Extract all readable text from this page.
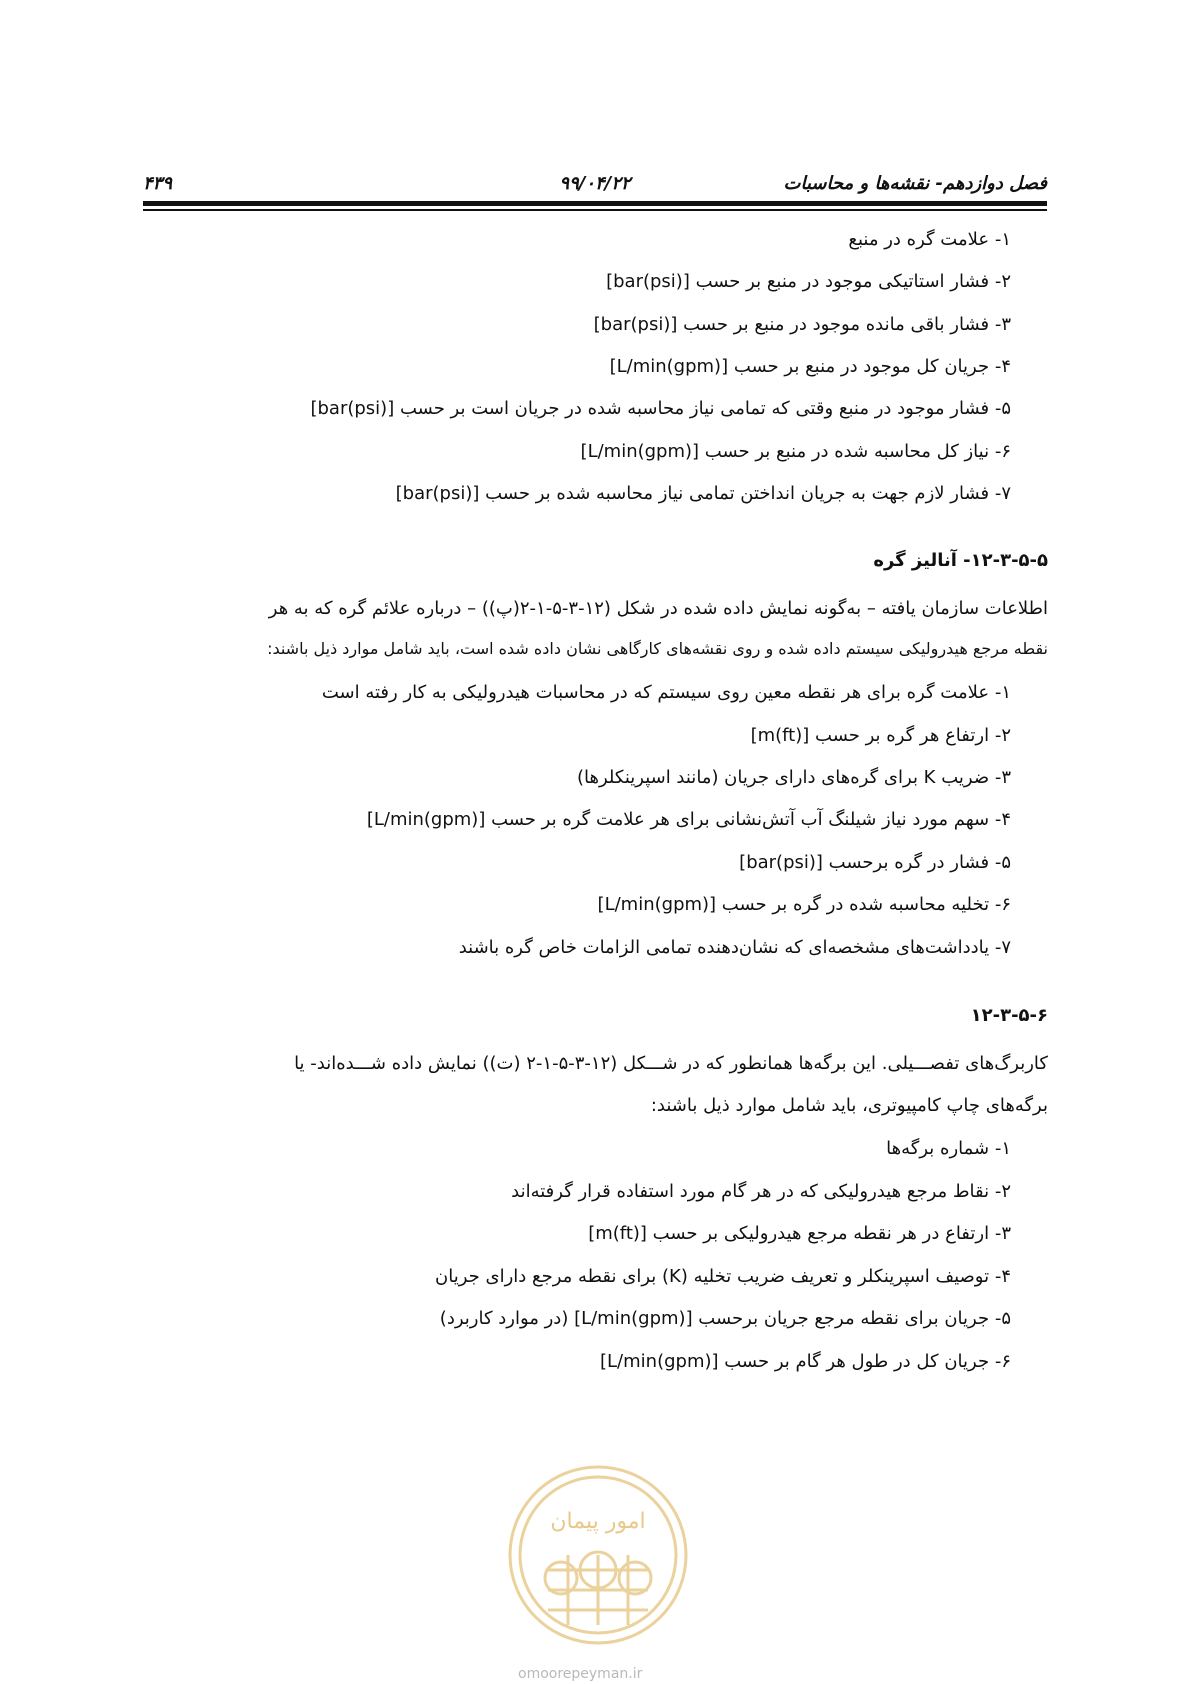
فصل دوازدهم- نقشه‌ها و محاسبات
۹۹/۰۴/۲۲
۴۳۹
۱- علامت گره در منبع
۲- فشار استاتیکی موجود در منبع بر حسب [bar(psi)]
۳- فشار باقی مانده موجود در منبع بر حسب [bar(psi)]
۴- جریان کل موجود در منبع بر حسب [L/min(gpm)]
۵- فشار موجود در منبع وقتی که تمامی نیاز محاسبه شده در جریان است بر حسب [bar(psi)]
۶- نیاز کل محاسبه شده در منبع بر حسب [L/min(gpm)]
۷- فشار لازم جهت به جریان انداختن تمامی نیاز محاسبه شده بر حسب [bar(psi)]
۱۲-۳-۵-۵- آنالیز گره
اطلاعات سازمان یافته – به‌گونه نمایش داده شده در شکل (۱۲-۳-۵-۱-۲(پ)) – درباره علائم گره که به هر
نقطه مرجع هیدرولیکی سیستم داده شده و روی نقشه‌های کارگاهی نشان داده شده است، باید شامل موارد ذیل باشند:
۱- علامت گره برای هر نقطه معین روی سیستم که در محاسبات هیدرولیکی به کار رفته است
۲- ارتفاع هر گره بر حسب [m(ft)]
۳- ضریب K برای گره‌های دارای جریان (مانند اسپرینکلرها)
۴- سهم مورد نیاز شیلنگ آب آتش‌نشانی برای هر علامت گره بر حسب [L/min(gpm)]
۵- فشار در گره برحسب [bar(psi)]
۶- تخلیه محاسبه شده در گره بر حسب [L/min(gpm)]
۷- یادداشت‌های مشخصه‌ای که نشان‌دهنده تمامی الزامات خاص گره باشند
۱۲-۳-۵-۶
کاربرگ‌های تفصـــیلی. این برگه‌ها همانطور که در شـــکل (۱۲-۳-۵-۱-۲ (ت)) نمایش داده شـــده‌اند- یا
برگه‌های چاپ کامپیوتری، باید شامل موارد ذیل باشند:
۱- شماره برگه‌ها
۲- نقاط مرجع هیدرولیکی که در هر گام مورد استفاده قرار گرفته‌اند
۳- ارتفاع در هر نقطه مرجع هیدرولیکی بر حسب [m(ft)]
۴- توصیف اسپرینکلر و تعریف ضریب تخلیه (K) برای نقطه مرجع دارای جریان
۵- جریان برای نقطه مرجع جریان برحسب [L/min(gpm)] (در موارد کاربرد)
۶- جریان کل در طول هر گام بر حسب [L/min(gpm)]
امور پیمان
omoorepeyman.ir
